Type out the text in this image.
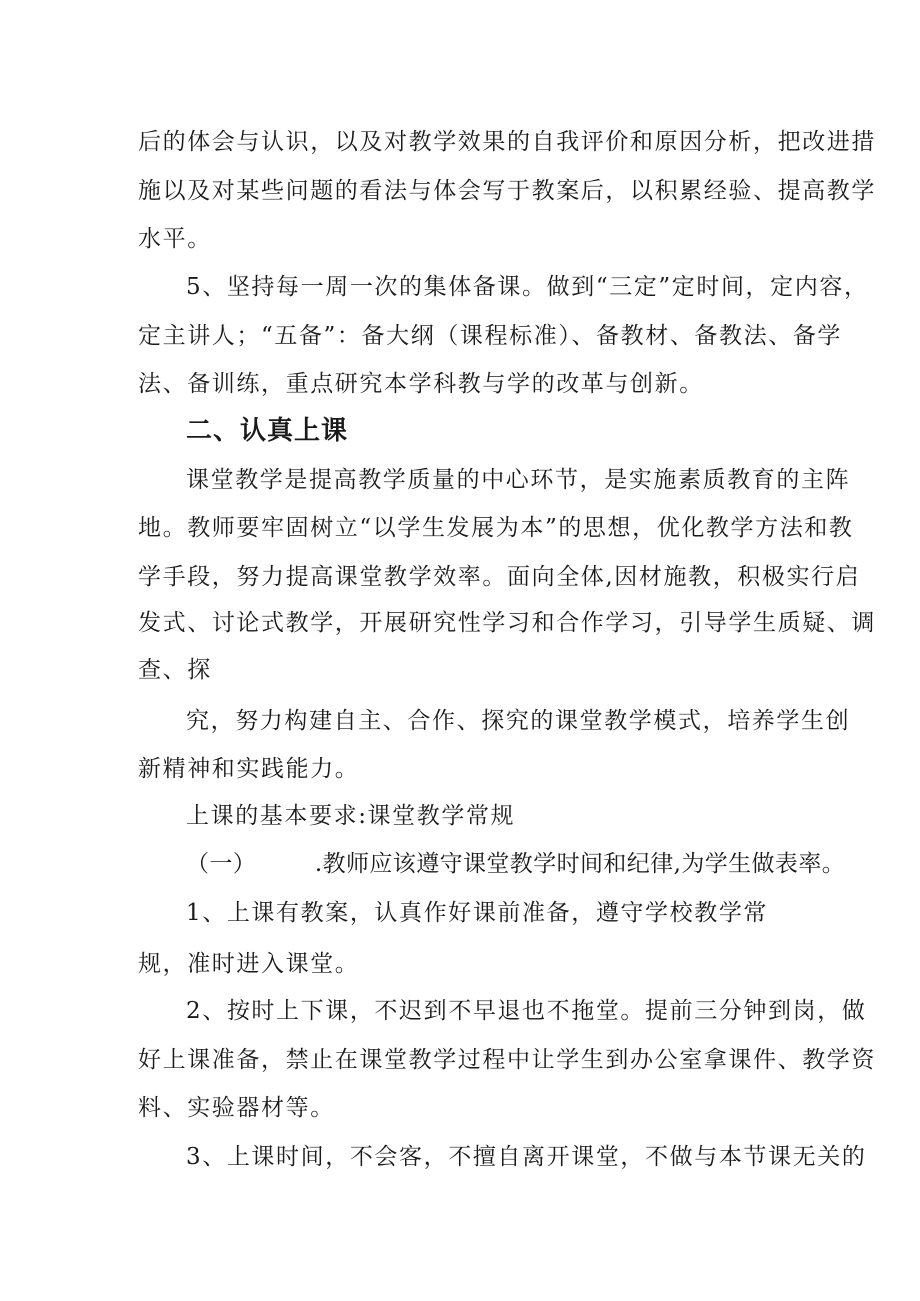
后的体会与认识，以及对教学效果的自我评价和原因分析，把改进措
施以及对某些问题的看法与体会写于教案后，以积累经验、提高教学
水平。
5、坚持每一周一次的集体备课。做到“三定”定时间，定内容，
定主讲人；“五备”：备大纲（课程标准）、备教材、备教法、备学
法、备训练，重点研究本学科教与学的改革与创新。
二、认真上课
课堂教学是提高教学质量的中心环节，是实施素质教育的主阵
地。教师要牢固树立“以学生发展为本”的思想，优化教学方法和教
学手段，努力提高课堂教学效率。面向全体,因材施教，积极实行启
发式、讨论式教学，开展研究性学习和合作学习，引导学生质疑、调
查、探
究，努力构建自主、合作、探究的课堂教学模式，培养学生创
新精神和实践能力。
上课的基本要求:课堂教学常规
（一）　　　.教师应该遵守课堂教学时间和纪律,为学生做表率。
1、上课有教案，认真作好课前准备，遵守学校教学常
规，准时进入课堂。
2、按时上下课，不迟到不早退也不拖堂。提前三分钟到岗，做
好上课准备，禁止在课堂教学过程中让学生到办公室拿课件、教学资
料、实验器材等。
3、上课时间，不会客，不擅自离开课堂，不做与本节课无关的
